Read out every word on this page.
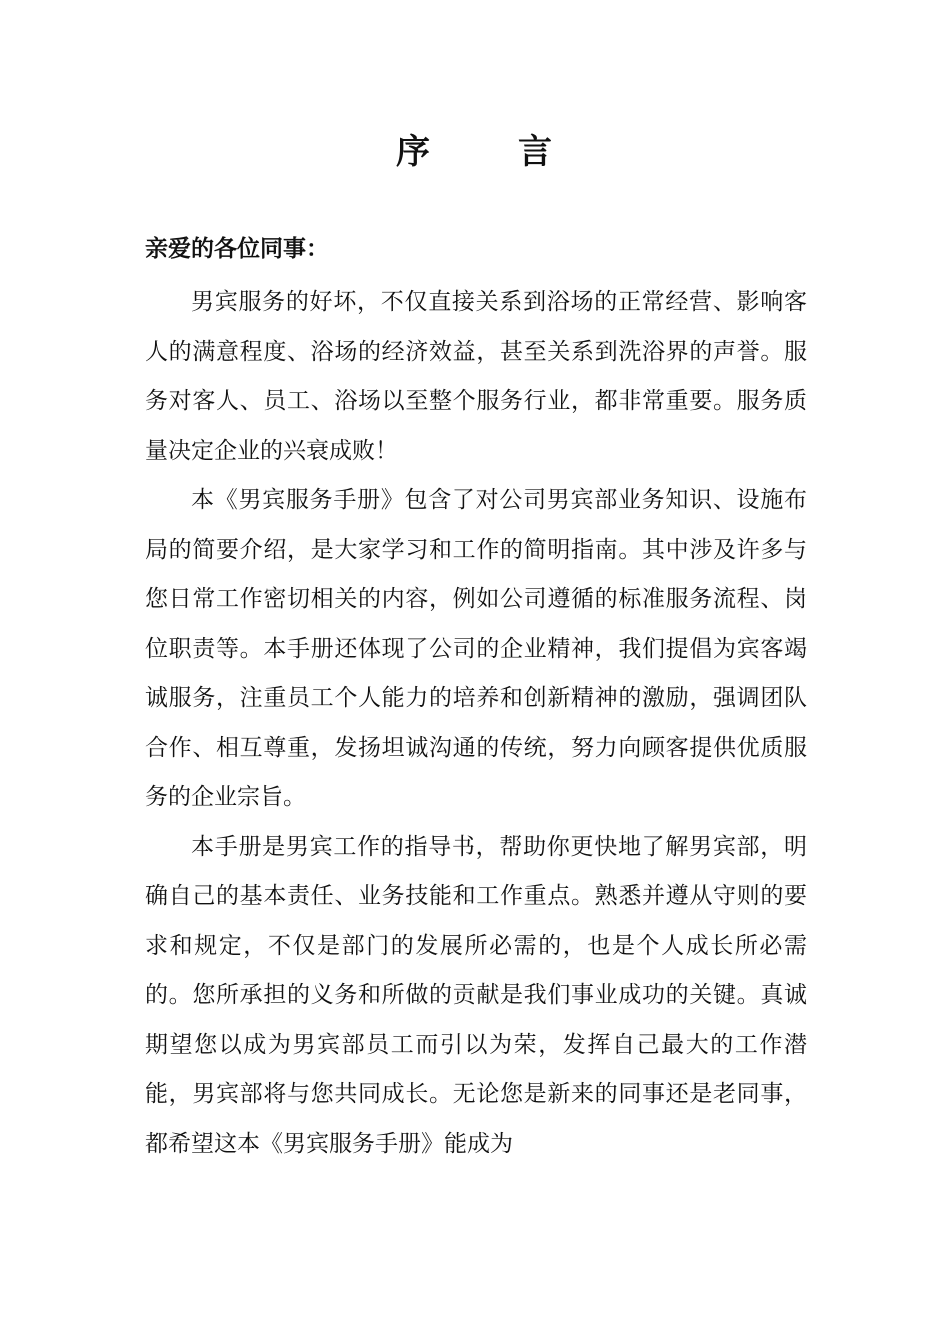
序	言
亲爱的各位同事：

男宾服务的好坏，不仅直接关系到浴场的正常经营、影响客人的满意程度、浴场的经济效益，甚至关系到洗浴界的声誉。服务对客人、员工、浴场以至整个服务行业，都非常重要。服务质量决定企业的兴衰成败！

本《男宾服务手册》包含了对公司男宾部业务知识、设施布局的简要介绍，是大家学习和工作的简明指南。其中涉及许多与您日常工作密切相关的内容，例如公司遵循的标准服务流程、岗位职责等。本手册还体现了公司的企业精神，我们提倡为宾客竭诚服务，注重员工个人能力的培养和创新精神的激励，强调团队合作、相互尊重，发扬坦诚沟通的传统，努力向顾客提供优质服务的企业宗旨。

本手册是男宾工作的指导书，帮助你更快地了解男宾部，明确自己的基本责任、业务技能和工作重点。熟悉并遵从守则的要求和规定，不仅是部门的发展所必需的，也是个人成长所必需的。您所承担的义务和所做的贡献是我们事业成功的关键。真诚期望您以成为男宾部员工而引以为荣，发挥自己最大的工作潜能，男宾部将与您共同成长。无论您是新来的同事还是老同事，都希望这本《男宾服务手册》能成为
